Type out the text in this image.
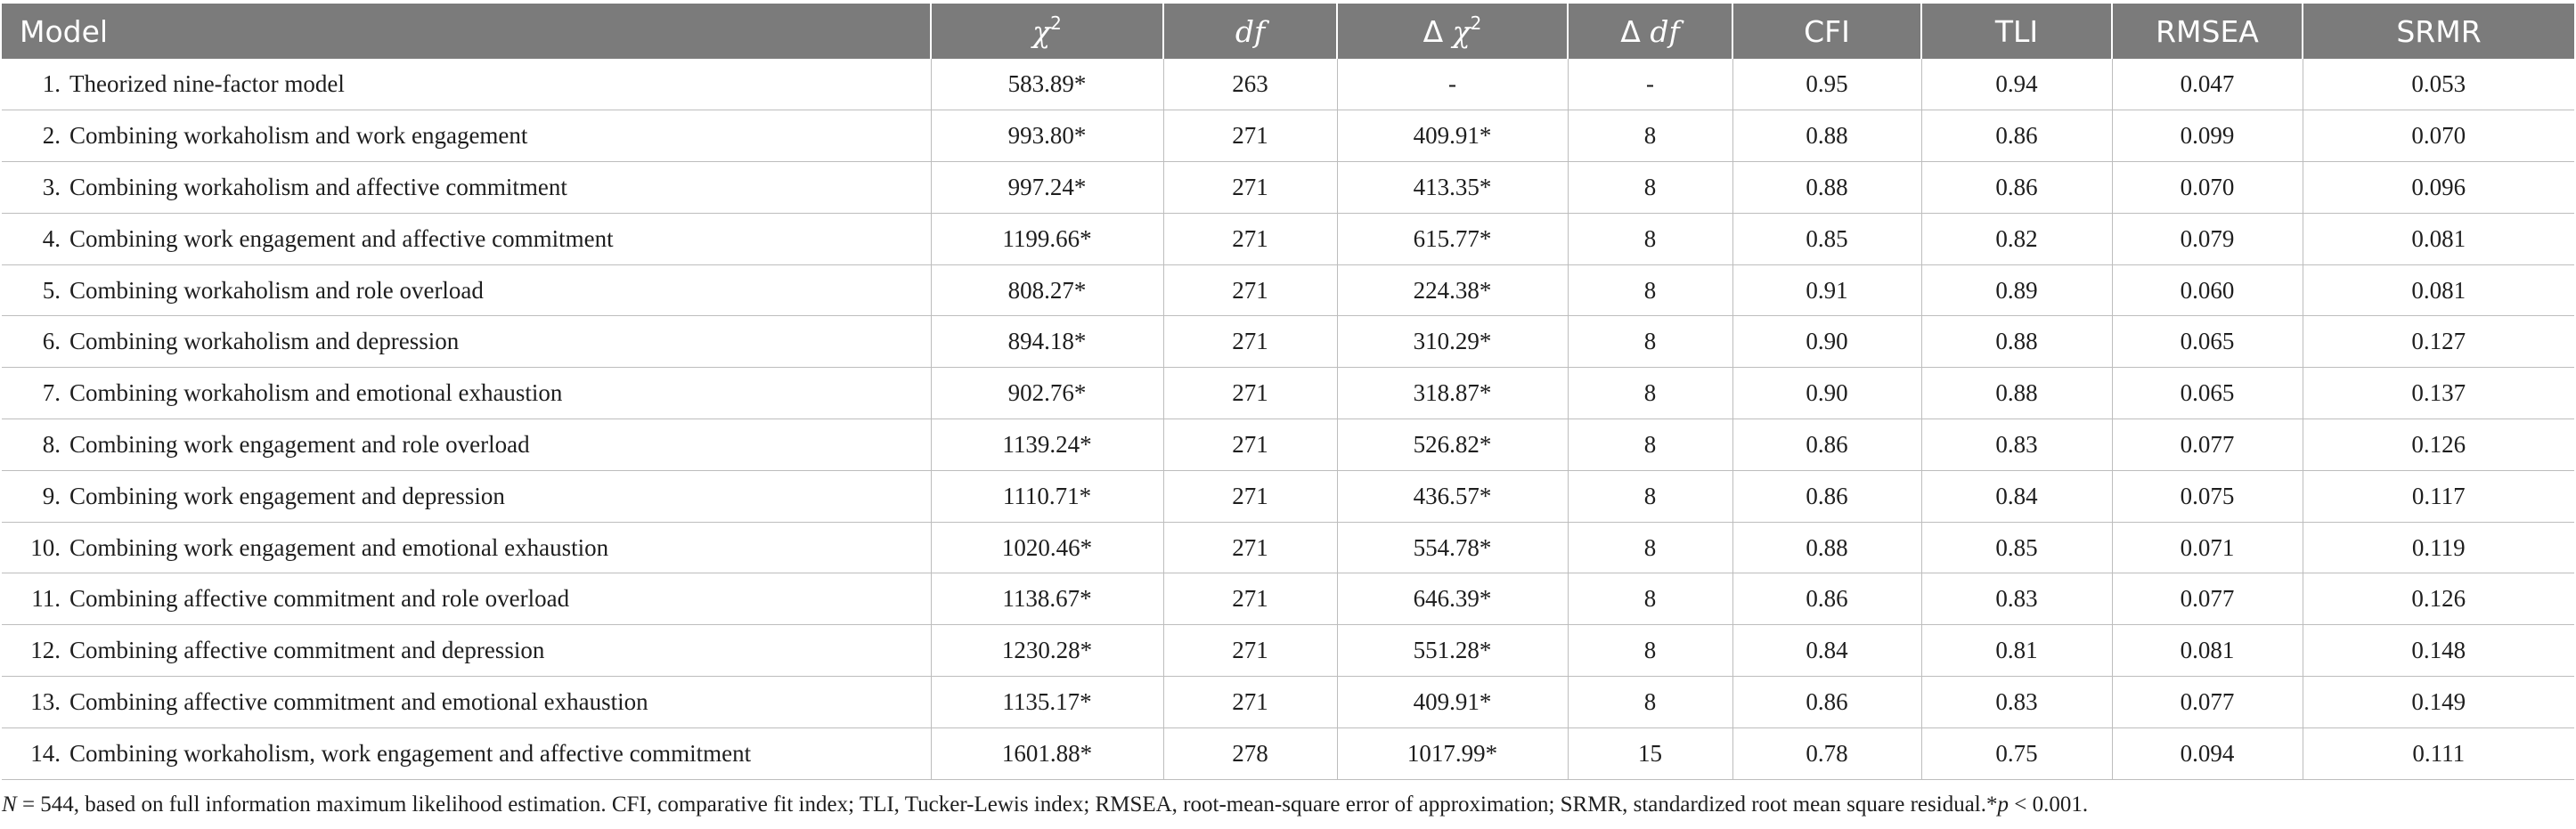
Model	$\chi^2$	df	Δ $\chi^2$	Δ df	CFI	TLI	RMSEA	SRMR
1. Theorized nine-factor model	583.89*	263	-	-	0.95	0.94	0.047	0.053
2. Combining workaholism and work engagement	993.80*	271	409.91*	8	0.88	0.86	0.099	0.070
3. Combining workaholism and affective commitment	997.24*	271	413.35*	8	0.88	0.86	0.070	0.096
4. Combining work engagement and affective commitment	1199.66*	271	615.77*	8	0.85	0.82	0.079	0.081
5. Combining workaholism and role overload	808.27*	271	224.38*	8	0.91	0.89	0.060	0.081
6. Combining workaholism and depression	894.18*	271	310.29*	8	0.90	0.88	0.065	0.127
7. Combining workaholism and emotional exhaustion	902.76*	271	318.87*	8	0.90	0.88	0.065	0.137
8. Combining work engagement and role overload	1139.24*	271	526.82*	8	0.86	0.83	0.077	0.126
9. Combining work engagement and depression	1110.71*	271	436.57*	8	0.86	0.84	0.075	0.117
10. Combining work engagement and emotional exhaustion	1020.46*	271	554.78*	8	0.88	0.85	0.071	0.119
11. Combining affective commitment and role overload	1138.67*	271	646.39*	8	0.86	0.83	0.077	0.126
12. Combining affective commitment and depression	1230.28*	271	551.28*	8	0.84	0.81	0.081	0.148
13. Combining affective commitment and emotional exhaustion	1135.17*	271	409.91*	8	0.86	0.83	0.077	0.149
14. Combining workaholism, work engagement and affective commitment	1601.88*	278	1017.99*	15	0.78	0.75	0.094	0.111
N = 544, based on full information maximum likelihood estimation. CFI, comparative fit index; TLI, Tucker-Lewis index; RMSEA, root-mean-square error of approximation; SRMR, standardized root mean square residual.*p < 0.001.
